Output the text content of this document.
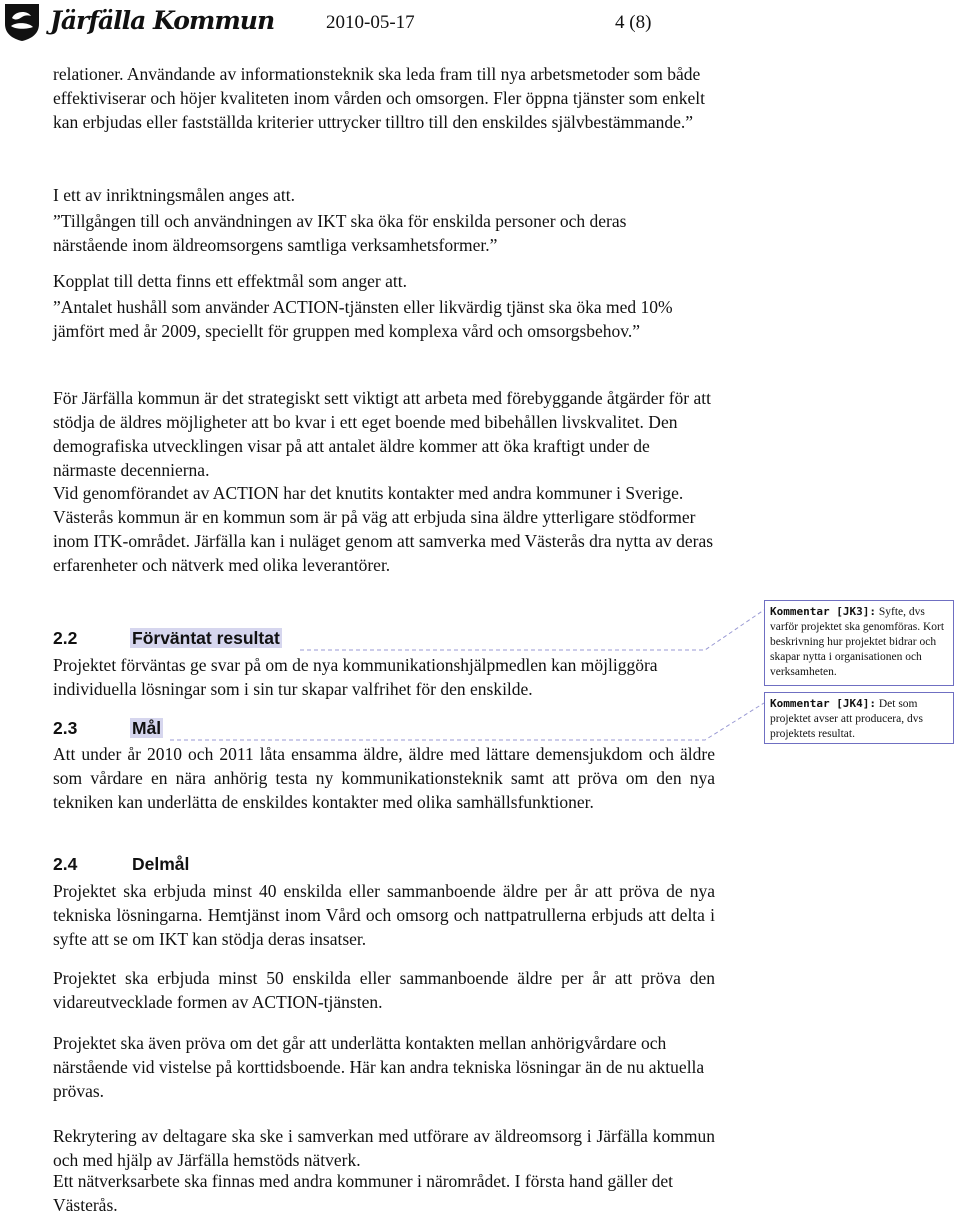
Järfälla Kommun	2010-05-17	4 (8)

relationer. Användande av informationsteknik ska leda fram till nya arbetsmetoder som både effektiviserar och höjer kvaliteten inom vården och omsorgen. Fler öppna tjänster som enkelt kan erbjudas eller fastställda kriterier uttrycker tilltro till den enskildes självbestämmande.”

I ett av inriktningsmålen anges att.

”Tillgången till och användningen av IKT ska öka för enskilda personer och deras närstående inom äldreomsorgens samtliga verksamhetsformer.”

Kopplat till detta finns ett effektmål som anger att.

”Antalet hushåll som använder ACTION-tjänsten eller likvärdig tjänst ska öka med 10% jämfört med år 2009, speciellt för gruppen med komplexa vård och omsorgsbehov.”

För Järfälla kommun är det strategiskt sett viktigt att arbeta med förebyggande åtgärder för att stödja de äldres möjligheter att bo kvar i ett eget boende med bibehållen livskvalitet. Den demografiska utvecklingen visar på att antalet äldre kommer att öka kraftigt under de närmaste decennierna.

Vid genomförandet av ACTION har det knutits kontakter med andra kommuner i Sverige. Västerås kommun är en kommun som är på väg att erbjuda sina äldre ytterligare stödformer inom ITK-området. Järfälla kan i nuläget genom att samverka med Västerås dra nytta av deras erfarenheter och nätverk med olika leverantörer.

2.2	Förväntat resultat

Projektet förväntas ge svar på om de nya kommunikationshjälpmedlen kan möjliggöra individuella lösningar som i sin tur skapar valfrihet för den enskilde.

2.3	Mål

Att under år 2010 och 2011 låta ensamma äldre, äldre med lättare demensjukdom och äldre som vårdare en nära anhörig testa ny kommunikationsteknik samt att pröva om den nya tekniken kan underlätta de enskildes kontakter med olika samhällsfunktioner.

2.4	Delmål

Projektet ska erbjuda minst 40 enskilda eller sammanboende äldre per år att pröva de nya tekniska lösningarna. Hemtjänst inom Vård och omsorg och nattpatrullerna erbjuds att delta i syfte att se om IKT kan stödja deras insatser.

Projektet ska erbjuda minst 50 enskilda eller sammanboende äldre per år att pröva den vidareutvecklade formen av ACTION-tjänsten.

Projektet ska även pröva om det går att underlätta kontakten mellan anhörigvårdare och närstående vid vistelse på korttidsboende. Här kan andra tekniska lösningar än de nu aktuella prövas.

Rekrytering av deltagare ska ske i samverkan med utförare av äldreomsorg i Järfälla kommun och med hjälp av Järfälla hemstöds nätverk.

Ett nätverksarbete ska finnas med andra kommuner i närområdet. I första hand gäller det Västerås.

Kommentar [JK3]: Syfte, dvs varför projektet ska genomföras. Kort beskrivning hur projektet bidrar och skapar nytta i organisationen och verksamheten.
Kommentar [JK4]: Det som projektet avser att producera, dvs projektets resultat.
